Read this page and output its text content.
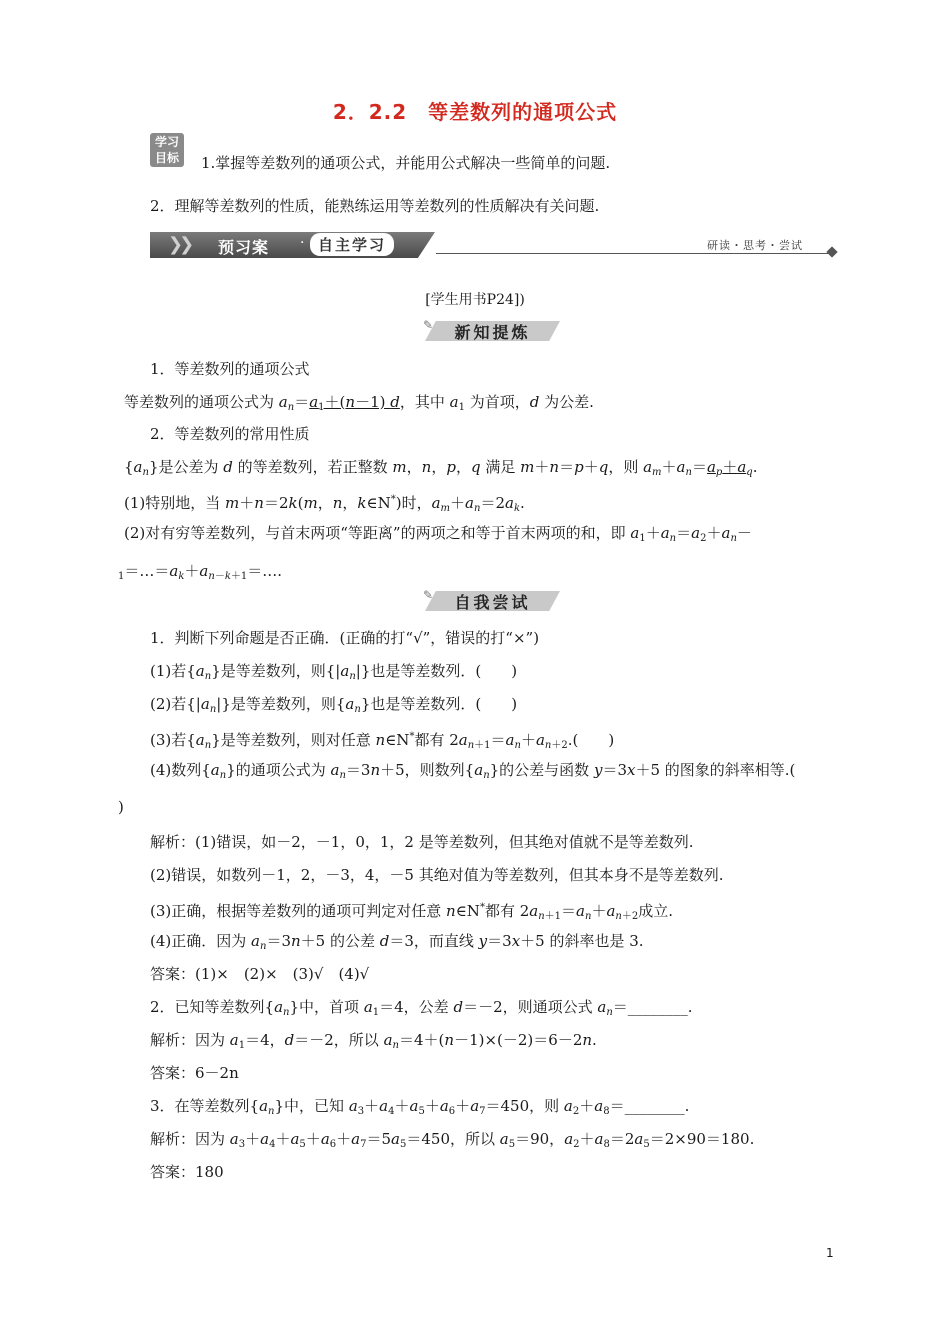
2．2.2　等差数列的通项公式
学习
目标	1.掌握等差数列的通项公式，并能用公式解决一些简单的问题.
2．理解等差数列的性质，能熟练运用等差数列的性质解决有关问题.
❯❯ 预习案 · 自主学习	研读・思考・尝试
[学生用书P24])
✎	新知提炼
1．等差数列的通项公式
等差数列的通项公式为 $a_n=a_1+(n-1)$ d，其中 $a_1$ 为首项，d 为公差.
2．等差数列的常用性质
$\{a_n\}$是公差为 d 的等差数列，若正整数 m，n，p，q 满足 m＋n＝p＋q，则 $a_m+a_n=a_p+a_q$.
(1)特别地，当 m＋n＝2k(m，n，k∈N*)时，$a_m+a_n=2a_k$.
(2)对有穷等差数列，与首末两项“等距离”的两项之和等于首末两项的和，即 $a_1+a_n=a_2+a_n-$
$_1=\dots=a_k+a_{n-k+1}=\dots$.
✎	自我尝试
1．判断下列命题是否正确．(正确的打“√”，错误的打“×”)
(1)若$\{a_n\}$是等差数列，则$\{|a_n|\}$也是等差数列．(　　)
(2)若$\{|a_n|\}$是等差数列，则$\{a_n\}$也是等差数列．(　　)
(3)若$\{a_n\}$是等差数列，则对任意 n∈N*都有 $2a_{n+1}=a_n+a_{n+2}$.(　　)
(4)数列$\{a_n\}$的通项公式为 $a_n=3n+5$，则数列$\{a_n\}$的公差与函数 y＝3x＋5 的图象的斜率相等.(
)
解析：(1)错误，如－2，－1，0，1，2 是等差数列，但其绝对值就不是等差数列.
(2)错误，如数列－1，2，－3，4，－5 其绝对值为等差数列，但其本身不是等差数列.
(3)正确，根据等差数列的通项可判定对任意 n∈N*都有 $2a_{n+1}=a_n+a_{n+2}$成立.
(4)正确．因为 $a_n=3n+5$ 的公差 d＝3，而直线 y＝3x＋5 的斜率也是 3.
答案：(1)×　(2)×　(3)√　(4)√
2．已知等差数列$\{a_n\}$中，首项 $a_1=4$，公差 d＝－2，则通项公式 $a_n=\_\_\_\_\_\_\_\_$.
解析：因为 $a_1=4$，d＝－2，所以 $a_n=4+(n-1)\times(-2)=6-2n$.
答案：6－2n
3．在等差数列$\{a_n\}$中，已知 $a_3+a_4+a_5+a_6+a_7=450$，则 $a_2+a_8=\_\_\_\_\_\_\_\_$.
解析：因为 $a_3+a_4+a_5+a_6+a_7=5a_5=450$，所以 $a_5=90$，$a_2+a_8=2a_5=2\times 90=180$.
答案：180
1
